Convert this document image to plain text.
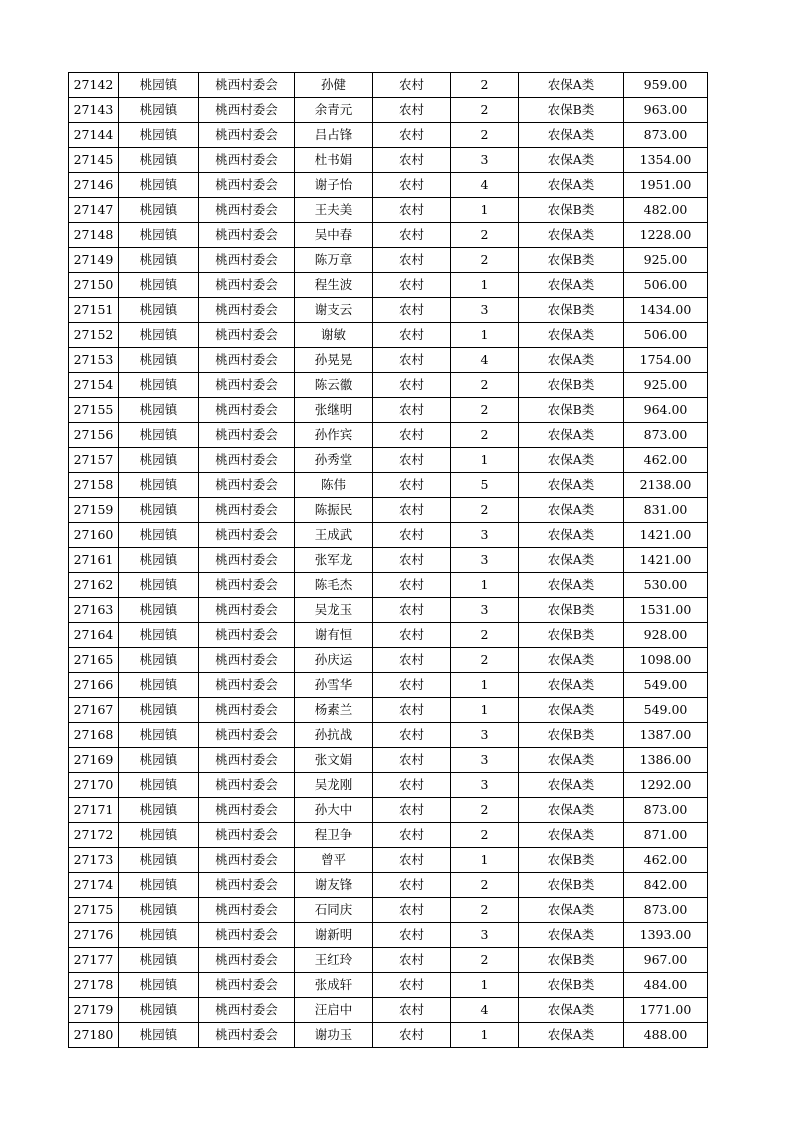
27142	桃园镇	桃西村委会	孙健	农村	2	农保A类	959.00
27143	桃园镇	桃西村委会	余青元	农村	2	农保B类	963.00
27144	桃园镇	桃西村委会	吕占锋	农村	2	农保A类	873.00
27145	桃园镇	桃西村委会	杜书娟	农村	3	农保A类	1354.00
27146	桃园镇	桃西村委会	谢子怡	农村	4	农保A类	1951.00
27147	桃园镇	桃西村委会	王夫美	农村	1	农保B类	482.00
27148	桃园镇	桃西村委会	吴中春	农村	2	农保A类	1228.00
27149	桃园镇	桃西村委会	陈万章	农村	2	农保B类	925.00
27150	桃园镇	桃西村委会	程生波	农村	1	农保A类	506.00
27151	桃园镇	桃西村委会	谢支云	农村	3	农保B类	1434.00
27152	桃园镇	桃西村委会	谢敏	农村	1	农保A类	506.00
27153	桃园镇	桃西村委会	孙晃晃	农村	4	农保A类	1754.00
27154	桃园镇	桃西村委会	陈云徽	农村	2	农保B类	925.00
27155	桃园镇	桃西村委会	张继明	农村	2	农保B类	964.00
27156	桃园镇	桃西村委会	孙作宾	农村	2	农保A类	873.00
27157	桃园镇	桃西村委会	孙秀堂	农村	1	农保A类	462.00
27158	桃园镇	桃西村委会	陈伟	农村	5	农保A类	2138.00
27159	桃园镇	桃西村委会	陈振民	农村	2	农保A类	831.00
27160	桃园镇	桃西村委会	王成武	农村	3	农保A类	1421.00
27161	桃园镇	桃西村委会	张军龙	农村	3	农保A类	1421.00
27162	桃园镇	桃西村委会	陈毛杰	农村	1	农保A类	530.00
27163	桃园镇	桃西村委会	吴龙玉	农村	3	农保B类	1531.00
27164	桃园镇	桃西村委会	谢有恒	农村	2	农保B类	928.00
27165	桃园镇	桃西村委会	孙庆运	农村	2	农保A类	1098.00
27166	桃园镇	桃西村委会	孙雪华	农村	1	农保A类	549.00
27167	桃园镇	桃西村委会	杨素兰	农村	1	农保A类	549.00
27168	桃园镇	桃西村委会	孙抗战	农村	3	农保B类	1387.00
27169	桃园镇	桃西村委会	张文娟	农村	3	农保A类	1386.00
27170	桃园镇	桃西村委会	吴龙刚	农村	3	农保A类	1292.00
27171	桃园镇	桃西村委会	孙大中	农村	2	农保A类	873.00
27172	桃园镇	桃西村委会	程卫争	农村	2	农保A类	871.00
27173	桃园镇	桃西村委会	曾平	农村	1	农保B类	462.00
27174	桃园镇	桃西村委会	谢友锋	农村	2	农保B类	842.00
27175	桃园镇	桃西村委会	石同庆	农村	2	农保A类	873.00
27176	桃园镇	桃西村委会	谢新明	农村	3	农保A类	1393.00
27177	桃园镇	桃西村委会	王红玲	农村	2	农保B类	967.00
27178	桃园镇	桃西村委会	张成轩	农村	1	农保B类	484.00
27179	桃园镇	桃西村委会	汪启中	农村	4	农保A类	1771.00
27180	桃园镇	桃西村委会	谢功玉	农村	1	农保A类	488.00
